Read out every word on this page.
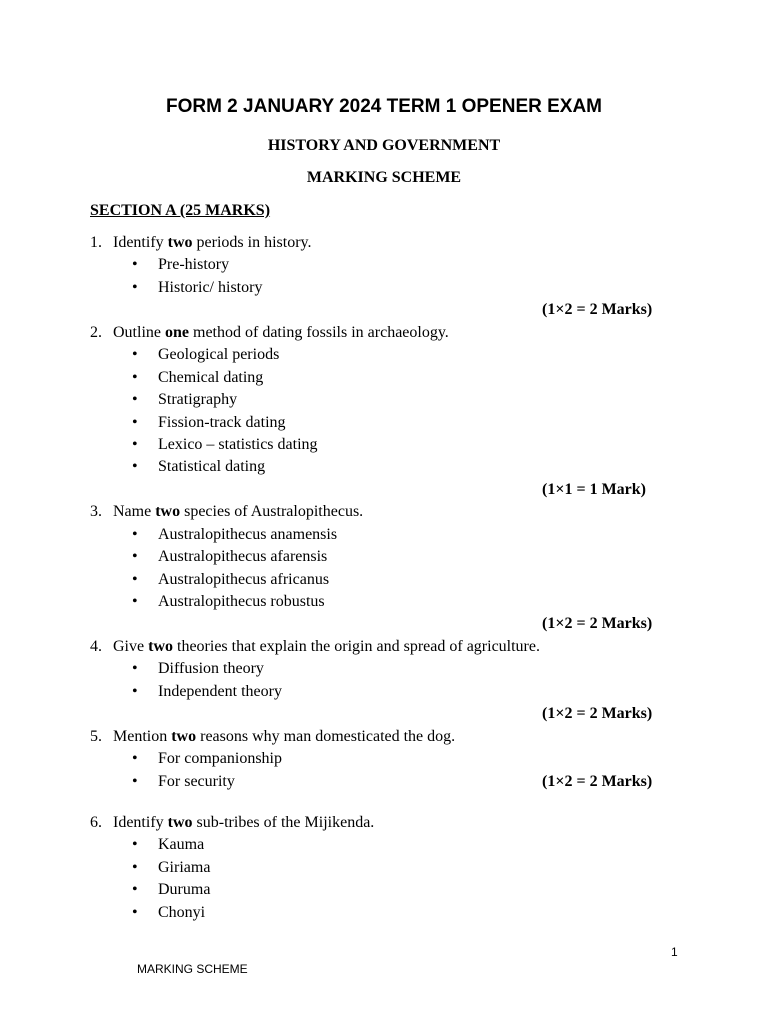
FORM 2 JANUARY 2024 TERM 1 OPENER EXAM
HISTORY AND GOVERNMENT
MARKING SCHEME
SECTION A (25 MARKS)
1. Identify two periods in history.
• Pre-history
• Historic/ history
(1×2 = 2 Marks)
2. Outline one method of dating fossils in archaeology.
• Geological periods
• Chemical dating
• Stratigraphy
• Fission-track dating
• Lexico – statistics dating
• Statistical dating
(1×1 = 1 Mark)
3. Name two species of Australopithecus.
• Australopithecus anamensis
• Australopithecus afarensis
• Australopithecus africanus
• Australopithecus robustus
(1×2 = 2 Marks)
4. Give two theories that explain the origin and spread of agriculture.
• Diffusion theory
• Independent theory
(1×2 = 2 Marks)
5. Mention two reasons why man domesticated the dog.
• For companionship
• For security	(1×2 = 2 Marks)
6. Identify two sub-tribes of the Mijikenda.
• Kauma
• Giriama
• Duruma
• Chonyi
1
MARKING SCHEME
